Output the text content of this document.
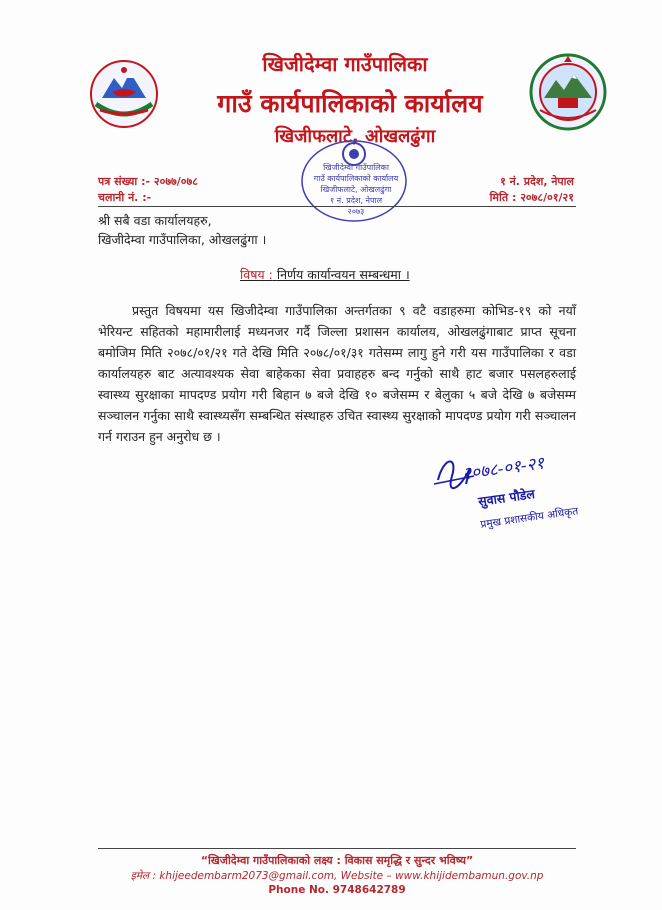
खिजीदेम्वा गाउँपालिका
गाउँ कार्यपालिकाको कार्यालय
खिजीफलाटे, ओखलढुंगा
खिजीदेम्वा गाउँपालिका
गाउँ कार्यपालिकाको कार्यालय
खिजीफलाटे, ओखलढुंगा
१ नं. प्रदेश, नेपाल
२०७३
पत्र संख्या :- २०७७/०७८
चलानी नं. :-
१ नं. प्रदेश, नेपाल
मिति : २०७८/०१/२१
श्री सबै वडा कार्यालयहरु,
खिजीदेम्वा गाउँपालिका, ओखलढुंगा ।
विषय : निर्णय कार्यान्वयन सम्बन्धमा ।
प्रस्तुत विषयमा यस खिजीदेम्वा गाउँपालिका अन्तर्गतका ९ वटै वडाहरुमा कोभिड-१९ को नयाँ भेरियन्ट सहितको महामारीलाई मध्यनजर गर्दै जिल्ला प्रशासन कार्यालय, ओखलढुंगाबाट प्राप्त सूचना बमोजिम मिति २०७८/०१/२१ गते देखि मिति २०७८/०१/३१ गतेसम्म लागु हुने गरी यस गाउँपालिका र वडा कार्यालयहरु बाट अत्यावश्यक सेवा बाहेकका सेवा प्रवाहहरु बन्द गर्नुको साथै हाट बजार पसलहरुलाई स्वास्थ्य सुरक्षाका मापदण्ड प्रयोग गरी बिहान ७ बजे देखि १० बजेसम्म र बेलुका ५ बजे देखि ७ बजेसम्म सञ्चालन गर्नुका साथै स्वास्थ्यसँग सम्बन्धित संस्थाहरु उचित स्वास्थ्य सुरक्षाको मापदण्ड प्रयोग गरी सञ्चालन गर्न गराउन हुन अनुरोध छ ।
२०७८-०१-२१
सुवास पौडेल
प्रमुख प्रशासकीय अधिकृत
“खिजीदेम्वा गाउँपालिकाको लक्ष्य : विकास समृद्धि र सुन्दर भविष्य”
इमेल : khijeedembarm2073@gmail.com, Website – www.khijidembamun.gov.np
Phone No. 9748642789
